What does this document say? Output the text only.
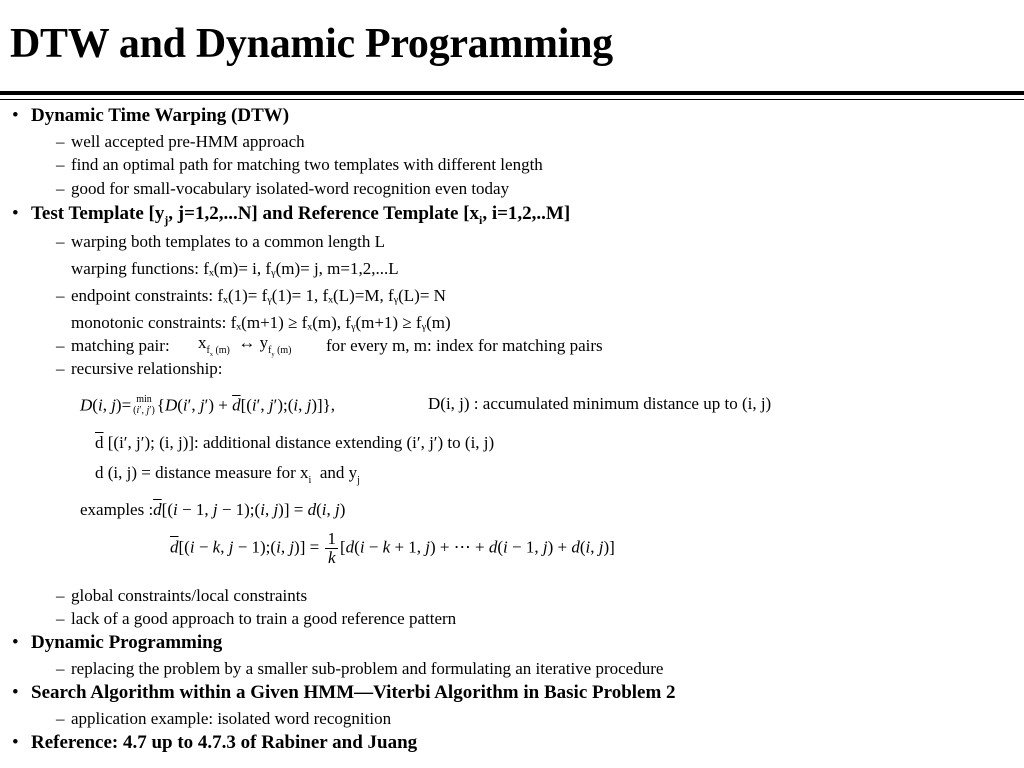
DTW and Dynamic Programming
• Dynamic Time Warping (DTW)
– well accepted pre-HMM approach
– find an optimal path for matching two templates with different length
– good for small-vocabulary isolated-word recognition even today
• Test Template [$y_j$, j=1,2,...N] and Reference Template [$x_i$, i=1,2,..M]
– warping both templates to a common length L
warping functions: fₓ(m)= i, fᵧ(m)= j, m=1,2,...L
– endpoint constraints: fₓ(1)= fᵧ(1)= 1, fₓ(L)=M, fᵧ(L)= N
monotonic constraints: fₓ(m+1) ≥ fₓ(m), fᵧ(m+1) ≥ fᵧ(m)
– matching pair: $x_{f_x (m)}$  ↔ $y_{f_y (m)}$ for every m, m: index for matching pairs
– recursive relationship:
D(i, j)= min
(i′, j′) {D(i′, $j') + \overline{d}[(i'$, j′);(i, j)]},	D(i, j) : accumulated minimum distance up to (i, j)
$\overline{d}$ [(i′, j′); (i, j)]: additional distance extending (i′, j′) to (i, j)
d (i, j) = distance measure for $x_i$ and $y_j$
examples $:\overline{d}[(i - 1$, j − 1);(i, j)] = d(i, j)
$\overline{d}[(i - k$, j − 1);(i, $j)] = \frac{1}{k} [d(i - k + 1$, j) + ⋯ + d(i − 1, j) + d(i, j)]
– global constraints/local constraints
– lack of a good approach to train a good reference pattern
• Dynamic Programming
– replacing the problem by a smaller sub-problem and formulating an iterative procedure
• Search Algorithm within a Given HMM—Viterbi Algorithm in Basic Problem 2
– application example: isolated word recognition
• Reference: 4.7 up to 4.7.3 of Rabiner and Juang
